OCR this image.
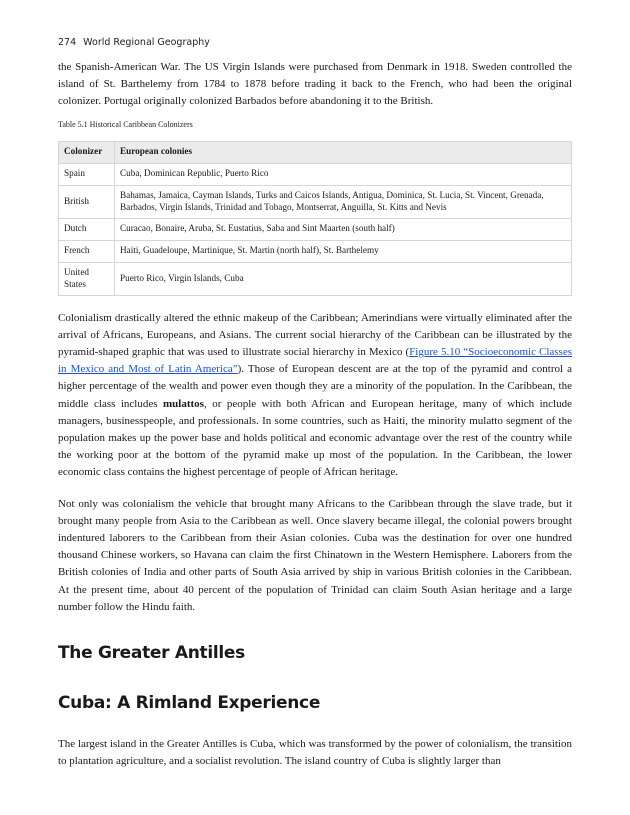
274 World Regional Geography

the Spanish-American War. The US Virgin Islands were purchased from Denmark in 1918. Sweden controlled the island of St. Barthelemy from 1784 to 1878 before trading it back to the French, who had been the original colonizer. Portugal originally colonized Barbados before abandoning it to the British.

Table 5.1 Historical Caribbean Colonizers
Colonizer	European colonies
Spain	Cuba, Dominican Republic, Puerto Rico
British	Bahamas, Jamaica, Cayman Islands, Turks and Caicos Islands, Antigua, Dominica, St. Lucia, St. Vincent, Grenada, Barbados, Virgin Islands, Trinidad and Tobago, Montserrat, Anguilla, St. Kitts and Nevis
Dutch	Curacao, Bonaire, Aruba, St. Eustatius, Saba and Sint Maarten (south half)
French	Haiti, Guadeloupe, Martinique, St. Martin (north half), St. Barthelemy
United States	Puerto Rico, Virgin Islands, Cuba

Colonialism drastically altered the ethnic makeup of the Caribbean; Amerindians were virtually eliminated after the arrival of Africans, Europeans, and Asians. The current social hierarchy of the Caribbean can be illustrated by the pyramid-shaped graphic that was used to illustrate social hierarchy in Mexico (Figure 5.10 “Socioeconomic Classes in Mexico and Most of Latin America”). Those of European descent are at the top of the pyramid and control a higher percentage of the wealth and power even though they are a minority of the population. In the Caribbean, the middle class includes mulattos, or people with both African and European heritage, many of which include managers, businesspeople, and professionals. In some countries, such as Haiti, the minority mulatto segment of the population makes up the power base and holds political and economic advantage over the rest of the country while the working poor at the bottom of the pyramid make up most of the population. In the Caribbean, the lower economic class contains the highest percentage of people of African heritage.

Not only was colonialism the vehicle that brought many Africans to the Caribbean through the slave trade, but it brought many people from Asia to the Caribbean as well. Once slavery became illegal, the colonial powers brought indentured laborers to the Caribbean from their Asian colonies. Cuba was the destination for over one hundred thousand Chinese workers, so Havana can claim the first Chinatown in the Western Hemisphere. Laborers from the British colonies of India and other parts of South Asia arrived by ship in various British colonies in the Caribbean. At the present time, about 40 percent of the population of Trinidad can claim South Asian heritage and a large number follow the Hindu faith.

The Greater Antilles
Cuba: A Rimland Experience

The largest island in the Greater Antilles is Cuba, which was transformed by the power of colonialism, the transition to plantation agriculture, and a socialist revolution. The island country of Cuba is slightly larger than
